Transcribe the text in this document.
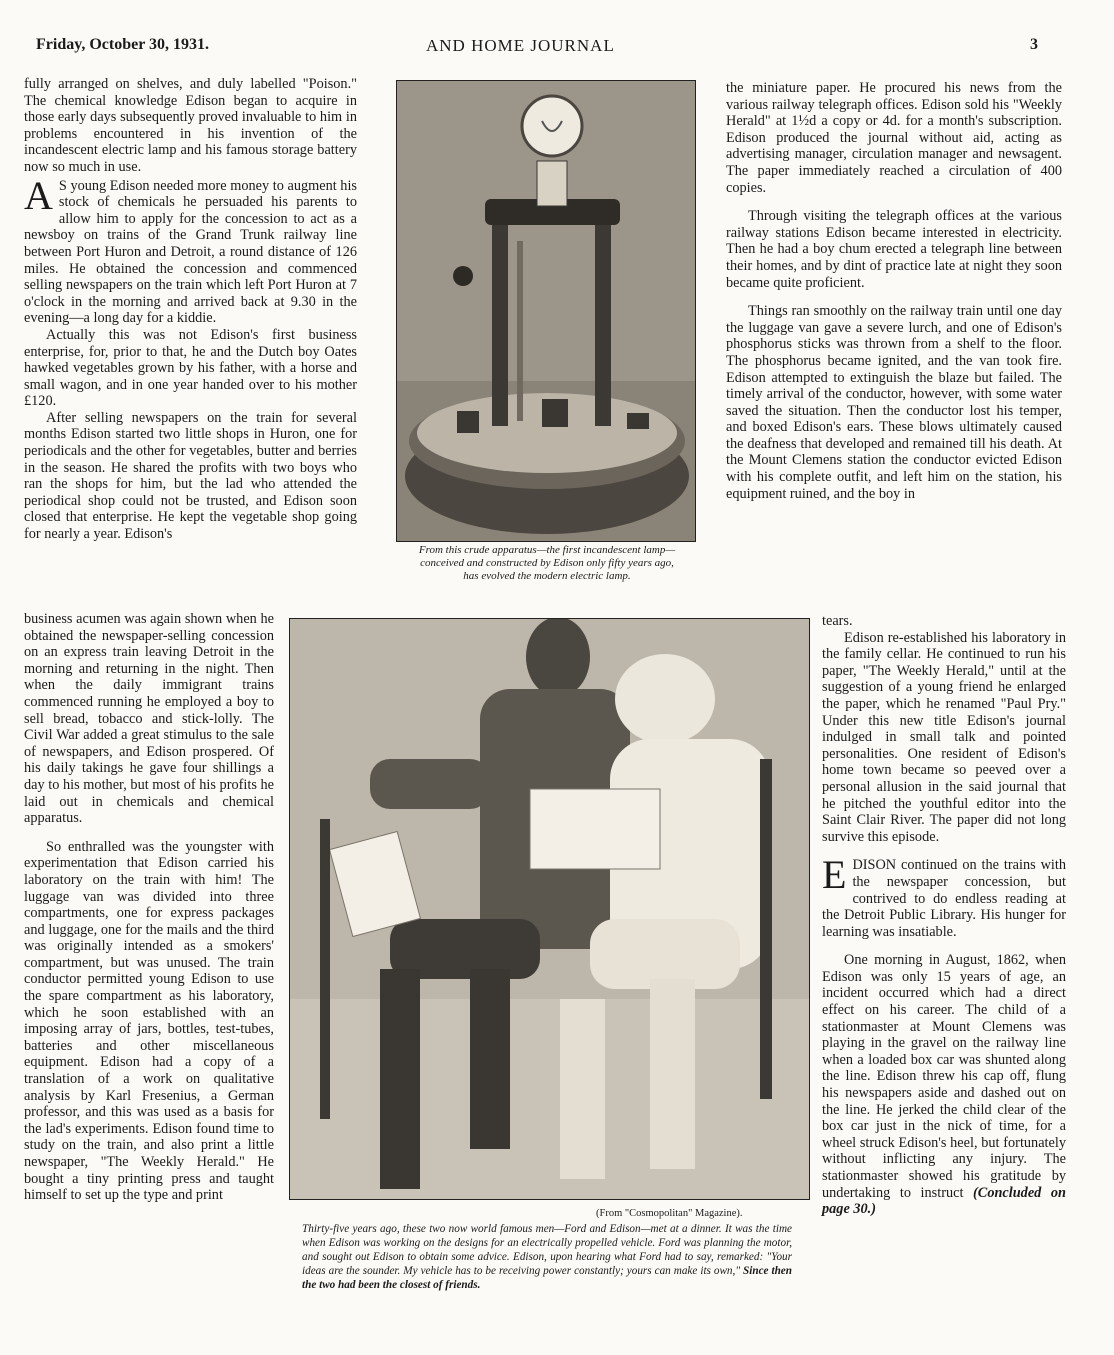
Friday, October 30, 1931.	AND HOME JOURNAL	3

fully arranged on shelves, and duly labelled "Poison." The chemical knowledge Edison began to acquire in those early days subsequently proved invaluable to him in problems encountered in his invention of the incandescent electric lamp and his famous storage battery now so much in use.

A S young Edison needed more money to augment his stock of chemicals he persuaded his parents to allow him to apply for the concession to act as a newsboy on trains of the Grand Trunk railway line between Port Huron and Detroit, a round distance of 126 miles. He obtained the concession and commenced selling newspapers on the train which left Port Huron at 7 o'clock in the morning and arrived back at 9.30 in the evening—a long day for a kiddie.

Actually this was not Edison's first business enterprise, for, prior to that, he and the Dutch boy Oates hawked vegetables grown by his father, with a horse and small wagon, and in one year handed over to his mother £120.

After selling newspapers on the train for several months Edison started two little shops in Huron, one for periodicals and the other for vegetables, butter and berries in the season. He shared the profits with two boys who ran the shops for him, but the lad who attended the periodical shop could not be trusted, and Edison soon closed that enterprise. He kept the vegetable shop going for nearly a year. Edison's

business acumen was again shown when he obtained the newspaper-selling concession on an express train leaving Detroit in the morning and returning in the night. Then when the daily immigrant trains commenced running he employed a boy to sell bread, tobacco and stick-lolly. The Civil War added a great stimulus to the sale of newspapers, and Edison prospered. Of his daily takings he gave four shillings a day to his mother, but most of his profits he laid out in chemicals and chemical apparatus.

So enthralled was the youngster with experimentation that Edison carried his laboratory on the train with him! The luggage van was divided into three compartments, one for express packages and luggage, one for the mails and the third was originally intended as a smokers' compartment, but was unused. The train conductor permitted young Edison to use the spare compartment as his laboratory, which he soon established with an imposing array of jars, bottles, test-tubes, batteries and other miscellaneous equipment. Edison had a copy of a translation of a work on qualitative analysis by Karl Fresenius, a German professor, and this was used as a basis for the lad's experiments. Edison found time to study on the train, and also print a little newspaper, "The Weekly Herald." He bought a tiny printing press and taught himself to set up the type and print

From this crude apparatus—the first incandescent lamp—conceived and constructed by Edison only fifty years ago, has evolved the modern electric lamp.
(From "Cosmopolitan" Magazine).
Thirty-five years ago, these two now world famous men—Ford and Edison—met at a dinner. It was the time when Edison was working on the designs for an electrically propelled vehicle. Ford was planning the motor, and sought out Edison to obtain some advice. Edison, upon hearing what Ford had to say, remarked: "Your ideas are the sounder. My vehicle has to be receiving power constantly; yours can make its own," Since then the two had been the closest of friends.

the miniature paper. He procured his news from the various railway telegraph offices. Edison sold his "Weekly Herald" at 1½d a copy or 4d. for a month's subscription. Edison produced the journal without aid, acting as advertising manager, circulation manager and newsagent. The paper immediately reached a circulation of 400 copies.

Through visiting the telegraph offices at the various railway stations Edison became interested in electricity. Then he had a boy chum erected a telegraph line between their homes, and by dint of practice late at night they soon became quite proficient.

Things ran smoothly on the railway train until one day the luggage van gave a severe lurch, and one of Edison's phosphorus sticks was thrown from a shelf to the floor. The phosphorus became ignited, and the van took fire. Edison attempted to extinguish the blaze but failed. The timely arrival of the conductor, however, with some water saved the situation. Then the conductor lost his temper, and boxed Edison's ears. These blows ultimately caused the deafness that developed and remained till his death. At the Mount Clemens station the conductor evicted Edison with his complete outfit, and left him on the station, his equipment ruined, and the boy in

tears.

Edison re-established his laboratory in the family cellar. He continued to run his paper, "The Weekly Herald," until at the suggestion of a young friend he enlarged the paper, which he renamed "Paul Pry." Under this new title Edison's journal indulged in small talk and pointed personalities. One resident of Edison's home town became so peeved over a personal allusion in the said journal that he pitched the youthful editor into the Saint Clair River. The paper did not long survive this episode.

EDISON continued on the trains with the newspaper concession, but contrived to do endless reading at the Detroit Public Library. His hunger for learning was insatiable.

One morning in August, 1862, when Edison was only 15 years of age, an incident occurred which had a direct effect on his career. The child of a stationmaster at Mount Clemens was playing in the gravel on the railway line when a loaded box car was shunted along the line. Edison threw his cap off, flung his newspapers aside and dashed out on the line. He jerked the child clear of the box car just in the nick of time, for a wheel struck Edison's heel, but fortunately without inflicting any injury. The stationmaster showed his gratitude by undertaking to instruct (Concluded on page 30.)
